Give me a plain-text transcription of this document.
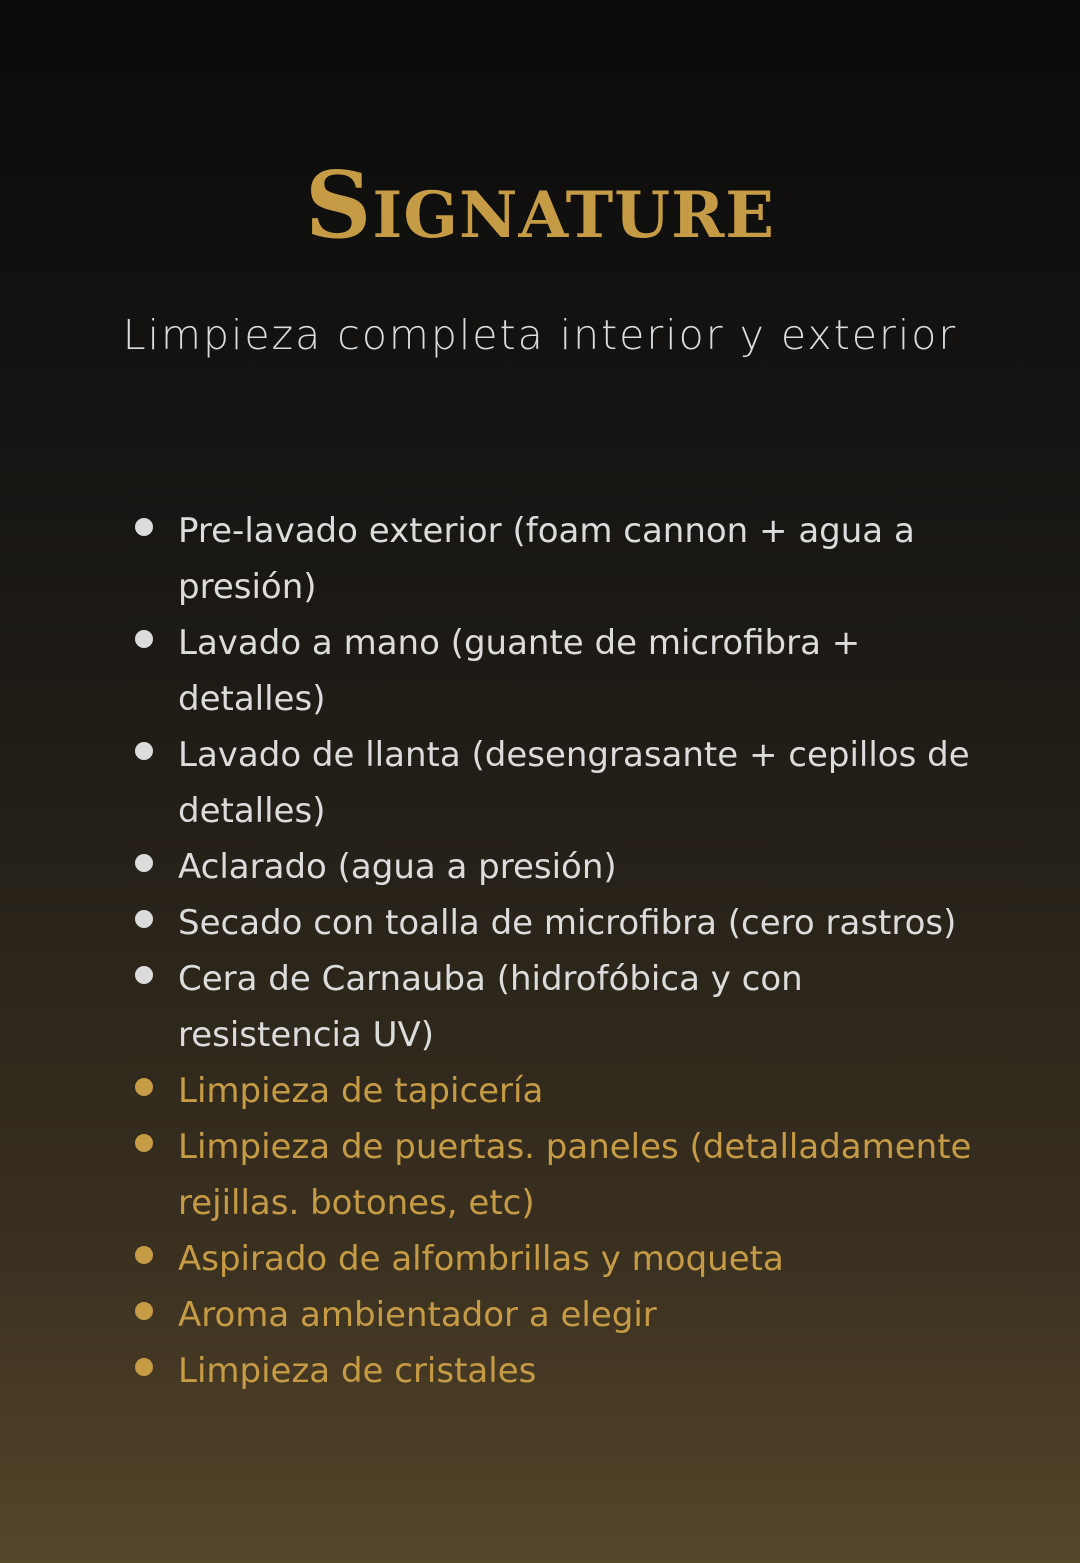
Signature

Limpieza completa interior y exterior

Pre-lavado exterior (foam cannon + agua a presión)
Lavado a mano (guante de microfibra + detalles)
Lavado de llanta (desengrasante + cepillos de detalles)
Aclarado (agua a presión)
Secado con toalla de microfibra (cero rastros)
Cera de Carnauba (hidrofóbica y con resistencia UV)
Limpieza de tapicería
Limpieza de puertas. paneles (detalladamente rejillas. botones, etc)
Aspirado de alfombrillas y moqueta
Aroma ambientador a elegir
Limpieza de cristales
